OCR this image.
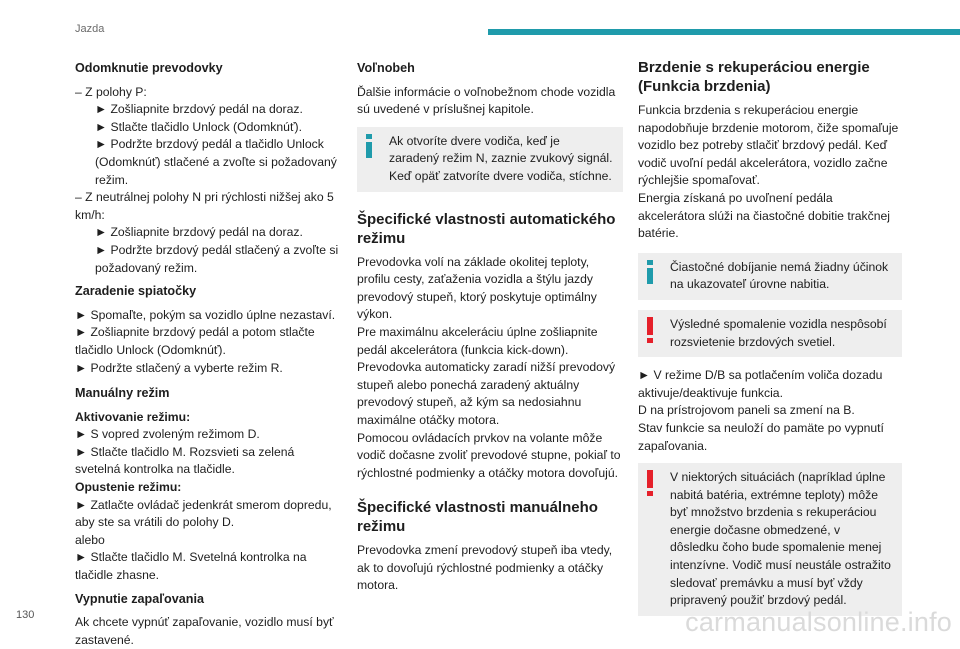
Jazda

Odomknutie prevodovky

– Z polohy P:

► Zošliapnite brzdový pedál na doraz.

► Stlačte tlačidlo Unlock (Odomknúť).

► Podržte brzdový pedál a tlačidlo Unlock (Odomknúť) stlačené a zvoľte si požadovaný režim.

– Z neutrálnej polohy N pri rýchlosti nižšej ako 5 km/h:

► Zošliapnite brzdový pedál na doraz.

► Podržte brzdový pedál stlačený a zvoľte si požadovaný režim.

Zaradenie spiatočky

► Spomaľte, pokým sa vozidlo úplne nezastaví.

► Zošliapnite brzdový pedál a potom stlačte tlačidlo Unlock (Odomknúť).

► Podržte stlačený a vyberte režim R.

Manuálny režim

Aktivovanie režimu:

► S vopred zvoleným režimom D.

► Stlačte tlačidlo M. Rozsvieti sa zelená svetelná kontrolka na tlačidle.

Opustenie režimu:

► Zatlačte ovládač jedenkrát smerom dopredu, aby ste sa vrátili do polohy D.

alebo

► Stlačte tlačidlo M. Svetelná kontrolka na tlačidle zhasne.

Vypnutie zapaľovania

Ak chcete vypnúť zapaľovanie, vozidlo musí byť zastavené.

Voľnobeh

Ďalšie informácie o voľnobežnom chode vozidla sú uvedené v príslušnej kapitole.

Ak otvoríte dvere vodiča, keď je zaradený režim N, zaznie zvukový signál. Keď opäť zatvoríte dvere vodiča, stíchne.

Špecifické vlastnosti automatického režimu

Prevodovka volí na základe okolitej teploty, profilu cesty, zaťaženia vozidla a štýlu jazdy prevodový stupeň, ktorý poskytuje optimálny výkon.

Pre maximálnu akceleráciu úplne zošliapnite pedál akcelerátora (funkcia kick-down).

Prevodovka automaticky zaradí nižší prevodový stupeň alebo ponechá zaradený aktuálny prevodový stupeň, až kým sa nedosiahnu maximálne otáčky motora.

Pomocou ovládacích prvkov na volante môže vodič dočasne zvoliť prevodové stupne, pokiaľ to rýchlostné podmienky a otáčky motora dovoľujú.

Špecifické vlastnosti manuálneho režimu

Prevodovka zmení prevodový stupeň iba vtedy, ak to dovoľujú rýchlostné podmienky a otáčky motora.

Brzdenie s rekuperáciou energie (Funkcia brzdenia)

Funkcia brzdenia s rekuperáciou energie napodobňuje brzdenie motorom, čiže spomaľuje vozidlo bez potreby stlačiť brzdový pedál. Keď vodič uvoľní pedál akcelerátora, vozidlo začne rýchlejšie spomaľovať.

Energia získaná po uvoľnení pedála akcelerátora slúži na čiastočné dobitie trakčnej batérie.

Čiastočné dobíjanie nemá žiadny účinok na ukazovateľ úrovne nabitia.

Výsledné spomalenie vozidla nespôsobí rozsvietenie brzdových svetiel.

► V režime D/B sa potlačením voliča dozadu aktivuje/deaktivuje funkcia.

D na prístrojovom paneli sa zmení na B.

Stav funkcie sa neuloží do pamäte po vypnutí zapaľovania.

V niektorých situáciách (napríklad úplne nabitá batéria, extrémne teploty) môže byť množstvo brzdenia s rekuperáciou energie dočasne obmedzené, v dôsledku čoho bude spomalenie menej intenzívne. Vodič musí neustále ostražito sledovať premávku a musí byť vždy pripravený použiť brzdový pedál.

130	carmanualsonline.info
